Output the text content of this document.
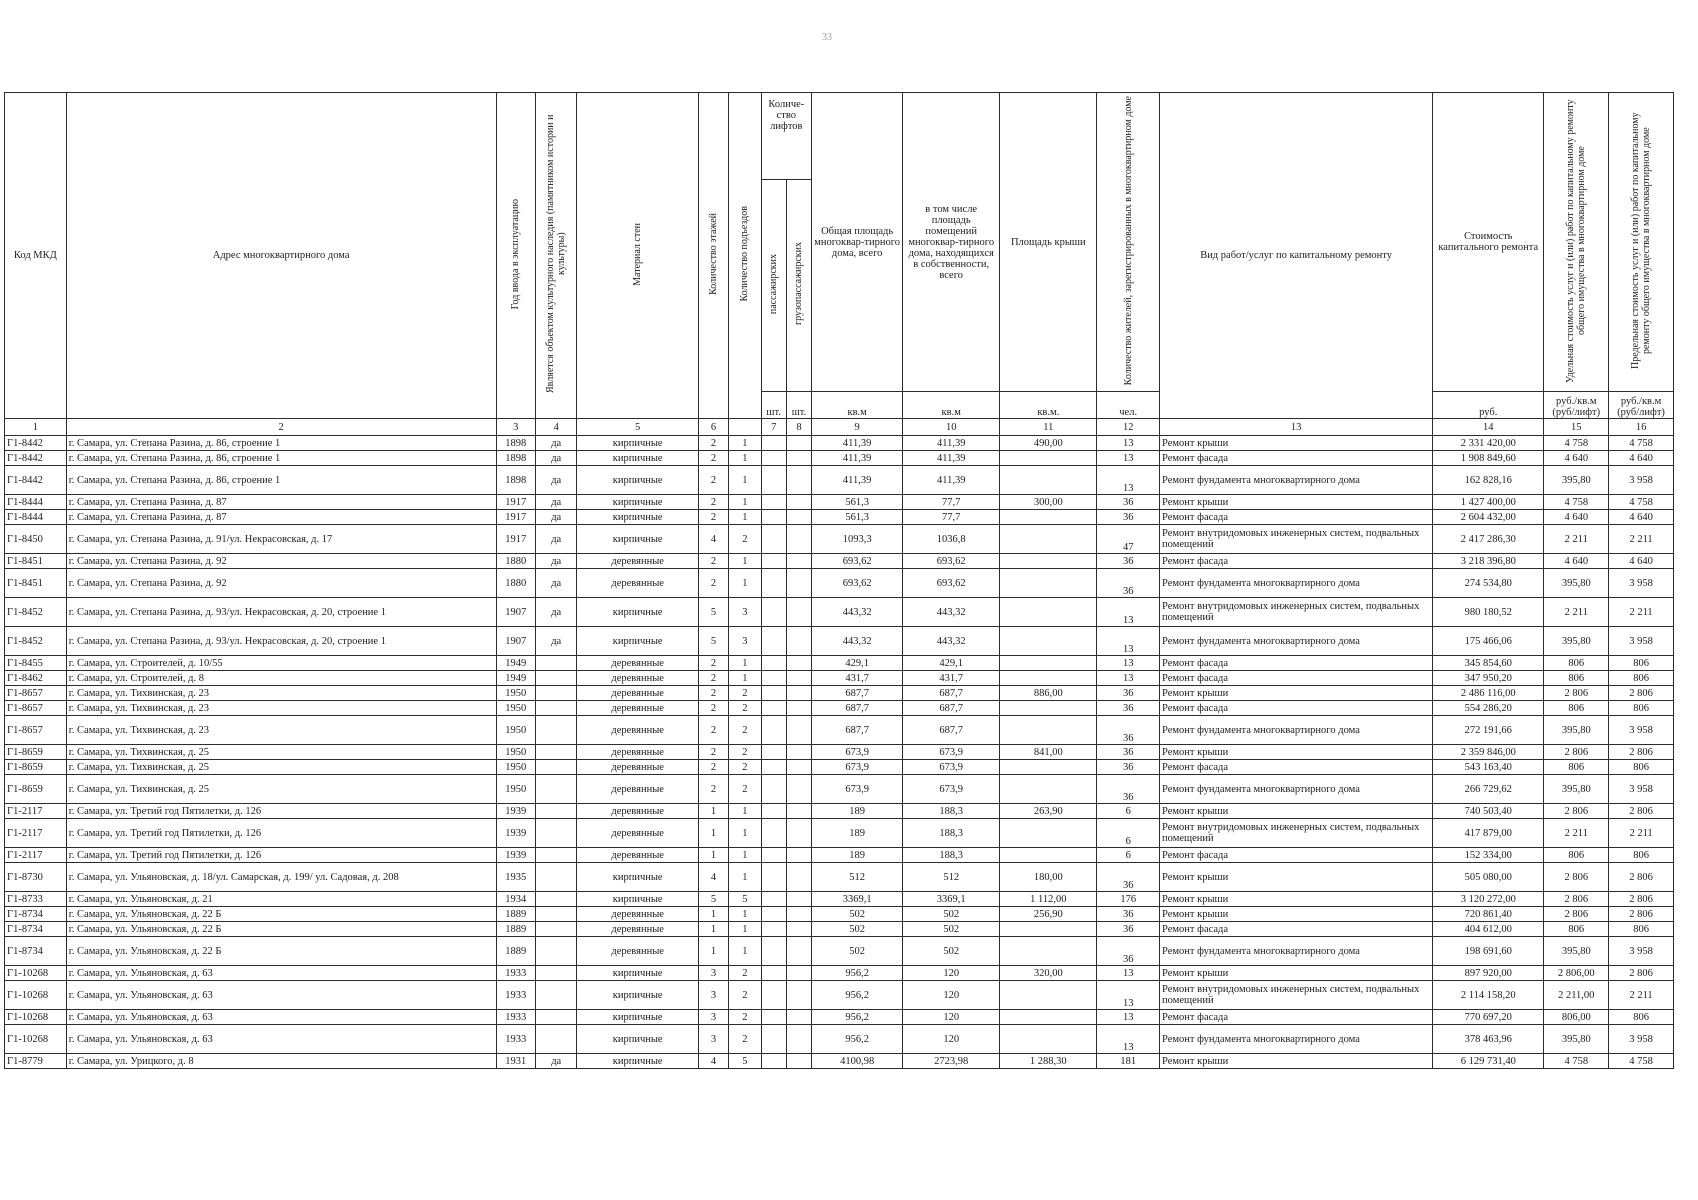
33
Код МКД	Адрес многоквартирного дома	Год ввода в эксплуатацию	Является объектом культурного наследия (памятником истории и культуры)	Материал стен	Количество этажей	Количество подъездов	Количе-ство лифтов		Общая площадь многоквар-тирного дома, всего	в том числе площадь помещений многоквар-тирного дома, находящихся в собственности, всего	Площадь крыши	Количество жителей, зарегистрированных в многоквартирном доме	Вид работ/услуг по капитальному ремонту	Стоимость капитального ремонта	Удельная стоимость услуг и (или) работ по капитальному ремонту общего имущества в многоквартирном доме	Предельная стоимость услуг и (или) работ по капитальному ремонту общего имущества в многоквартирном доме
							пассажирских	грузопассажирских								
							шт.	шт.	кв.м	кв.м	кв.м.	чел.		руб.	руб./кв.м (руб/лифт)	руб./кв.м (руб/лифт)
1	2	3	4	5	6		7	8	9	10	11	12	13	14	15	16
Г1-8442	г. Самара, ул. Степана Разина, д. 86, строение 1	1898	да	кирпичные	2	1			411,39	411,39	490,00	13	Ремонт крыши	2 331 420,00	4 758	4 758
Г1-8442	г. Самара, ул. Степана Разина, д. 86, строение 1	1898	да	кирпичные	2	1			411,39	411,39		13	Ремонт фасада	1 908 849,60	4 640	4 640
Г1-8442	г. Самара, ул. Степана Разина, д. 86, строение 1	1898	да	кирпичные	2	1			411,39	411,39		13	Ремонт фундамента многоквартирного дома	162 828,16	395,80	3 958
Г1-8444	г. Самара, ул. Степана Разина, д. 87	1917	да	кирпичные	2	1			561,3	77,7	300,00	36	Ремонт крыши	1 427 400,00	4 758	4 758
Г1-8444	г. Самара, ул. Степана Разина, д. 87	1917	да	кирпичные	2	1			561,3	77,7		36	Ремонт фасада	2 604 432,00	4 640	4 640
Г1-8450	г. Самара, ул. Степана Разина, д. 91/ул. Некрасовская, д. 17	1917	да	кирпичные	4	2			1093,3	1036,8		47	Ремонт внутридомовых инженерных систем, подвальных помещений	2 417 286,30	2 211	2 211
Г1-8451	г. Самара, ул. Степана Разина, д. 92	1880	да	деревянные	2	1			693,62	693,62		36	Ремонт фасада	3 218 396,80	4 640	4 640
Г1-8451	г. Самара, ул. Степана Разина, д. 92	1880	да	деревянные	2	1			693,62	693,62		36	Ремонт фундамента многоквартирного дома	274 534,80	395,80	3 958
Г1-8452	г. Самара, ул. Степана Разина, д. 93/ул. Некрасовская, д. 20, строение 1	1907	да	кирпичные	5	3			443,32	443,32		13	Ремонт внутридомовых инженерных систем, подвальных помещений	980 180,52	2 211	2 211
Г1-8452	г. Самара, ул. Степана Разина, д. 93/ул. Некрасовская, д. 20, строение 1	1907	да	кирпичные	5	3			443,32	443,32		13	Ремонт фундамента многоквартирного дома	175 466,06	395,80	3 958
Г1-8455	г. Самара, ул. Строителей, д. 10/55	1949		деревянные	2	1			429,1	429,1		13	Ремонт фасада	345 854,60	806	806
Г1-8462	г. Самара, ул. Строителей, д. 8	1949		деревянные	2	1			431,7	431,7		13	Ремонт фасада	347 950,20	806	806
Г1-8657	г. Самара, ул. Тихвинская, д. 23	1950		деревянные	2	2			687,7	687,7	886,00	36	Ремонт крыши	2 486 116,00	2 806	2 806
Г1-8657	г. Самара, ул. Тихвинская, д. 23	1950		деревянные	2	2			687,7	687,7		36	Ремонт фасада	554 286,20	806	806
Г1-8657	г. Самара, ул. Тихвинская, д. 23	1950		деревянные	2	2			687,7	687,7		36	Ремонт фундамента многоквартирного дома	272 191,66	395,80	3 958
Г1-8659	г. Самара, ул. Тихвинская, д. 25	1950		деревянные	2	2			673,9	673,9	841,00	36	Ремонт крыши	2 359 846,00	2 806	2 806
Г1-8659	г. Самара, ул. Тихвинская, д. 25	1950		деревянные	2	2			673,9	673,9		36	Ремонт фасада	543 163,40	806	806
Г1-8659	г. Самара, ул. Тихвинская, д. 25	1950		деревянные	2	2			673,9	673,9		36	Ремонт фундамента многоквартирного дома	266 729,62	395,80	3 958
Г1-2117	г. Самара, ул. Третий год Пятилетки, д. 126	1939		деревянные	1	1			189	188,3	263,90	6	Ремонт крыши	740 503,40	2 806	2 806
Г1-2117	г. Самара, ул. Третий год Пятилетки, д. 126	1939		деревянные	1	1			189	188,3		6	Ремонт внутридомовых инженерных систем, подвальных помещений	417 879,00	2 211	2 211
Г1-2117	г. Самара, ул. Третий год Пятилетки, д. 126	1939		деревянные	1	1			189	188,3		6	Ремонт фасада	152 334,00	806	806
Г1-8730	г. Самара, ул. Ульяновская, д. 18/ул. Самарская, д. 199/ ул. Садовая, д. 208	1935		кирпичные	4	1			512	512	180,00	36	Ремонт крыши	505 080,00	2 806	2 806
Г1-8733	г. Самара, ул. Ульяновская, д. 21	1934		кирпичные	5	5			3369,1	3369,1	1 112,00	176	Ремонт крыши	3 120 272,00	2 806	2 806
Г1-8734	г. Самара, ул. Ульяновская, д. 22 Б	1889		деревянные	1	1			502	502	256,90	36	Ремонт крыши	720 861,40	2 806	2 806
Г1-8734	г. Самара, ул. Ульяновская, д. 22 Б	1889		деревянные	1	1			502	502		36	Ремонт фасада	404 612,00	806	806
Г1-8734	г. Самара, ул. Ульяновская, д. 22 Б	1889		деревянные	1	1			502	502		36	Ремонт фундамента многоквартирного дома	198 691,60	395,80	3 958
Г1-10268	г. Самара, ул. Ульяновская, д. 63	1933		кирпичные	3	2			956,2	120	320,00	13	Ремонт крыши	897 920,00	2 806,00	2 806
Г1-10268	г. Самара, ул. Ульяновская, д. 63	1933		кирпичные	3	2			956,2	120		13	Ремонт внутридомовых инженерных систем, подвальных помещений	2 114 158,20	2 211,00	2 211
Г1-10268	г. Самара, ул. Ульяновская, д. 63	1933		кирпичные	3	2			956,2	120		13	Ремонт фасада	770 697,20	806,00	806
Г1-10268	г. Самара, ул. Ульяновская, д. 63	1933		кирпичные	3	2			956,2	120		13	Ремонт фундамента многоквартирного дома	378 463,96	395,80	3 958
Г1-8779	г. Самара, ул. Урицкого, д. 8	1931	да	кирпичные	4	5			4100,98	2723,98	1 288,30	181	Ремонт крыши	6 129 731,40	4 758	4 758
